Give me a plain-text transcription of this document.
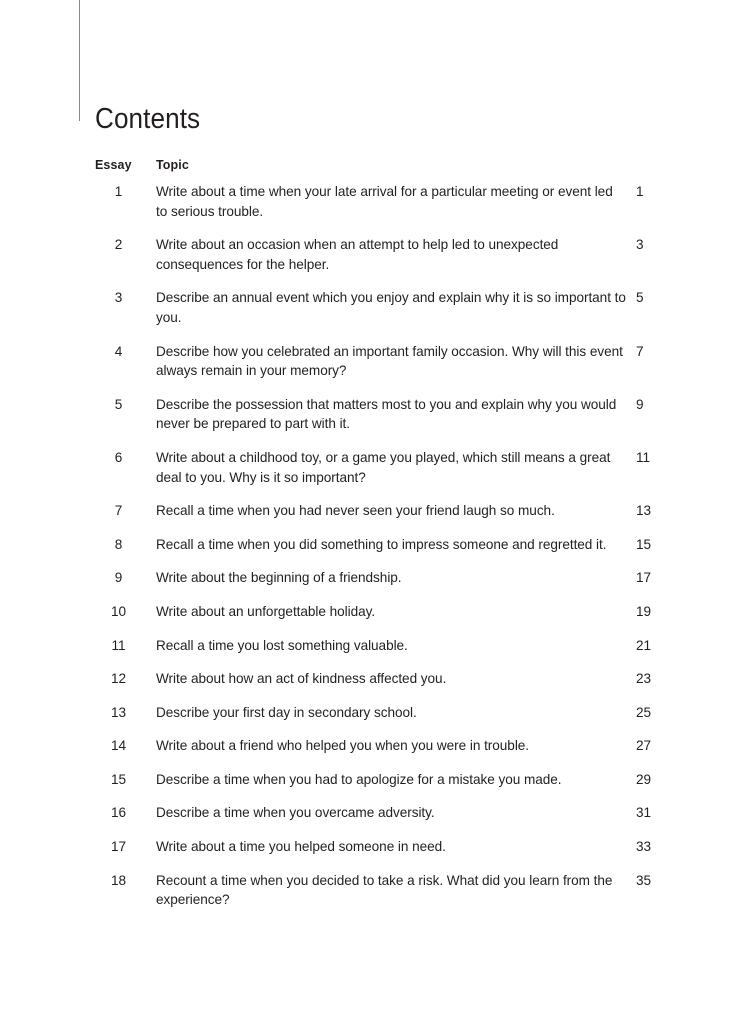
Contents
Essay	Topic	
1	Write about a time when your late arrival for a particular meeting or event led to serious trouble.	1
2	Write about an occasion when an attempt to help led to unexpected consequences for the helper.	3
3	Describe an annual event which you enjoy and explain why it is so important to you.	5
4	Describe how you celebrated an important family occasion. Why will this event always remain in your memory?	7
5	Describe the possession that matters most to you and explain why you would never be prepared to part with it.	9
6	Write about a childhood toy, or a game you played, which still means a great deal to you. Why is it so important?	11
7	Recall a time when you had never seen your friend laugh so much.	13
8	Recall a time when you did something to impress someone and regretted it.	15
9	Write about the beginning of a friendship.	17
10	Write about an unforgettable holiday.	19
11	Recall a time you lost something valuable.	21
12	Write about how an act of kindness affected you.	23
13	Describe your first day in secondary school.	25
14	Write about a friend who helped you when you were in trouble.	27
15	Describe a time when you had to apologize for a mistake you made.	29
16	Describe a time when you overcame adversity.	31
17	Write about a time you helped someone in need.	33
18	Recount a time when you decided to take a risk. What did you learn from the experience?	35
